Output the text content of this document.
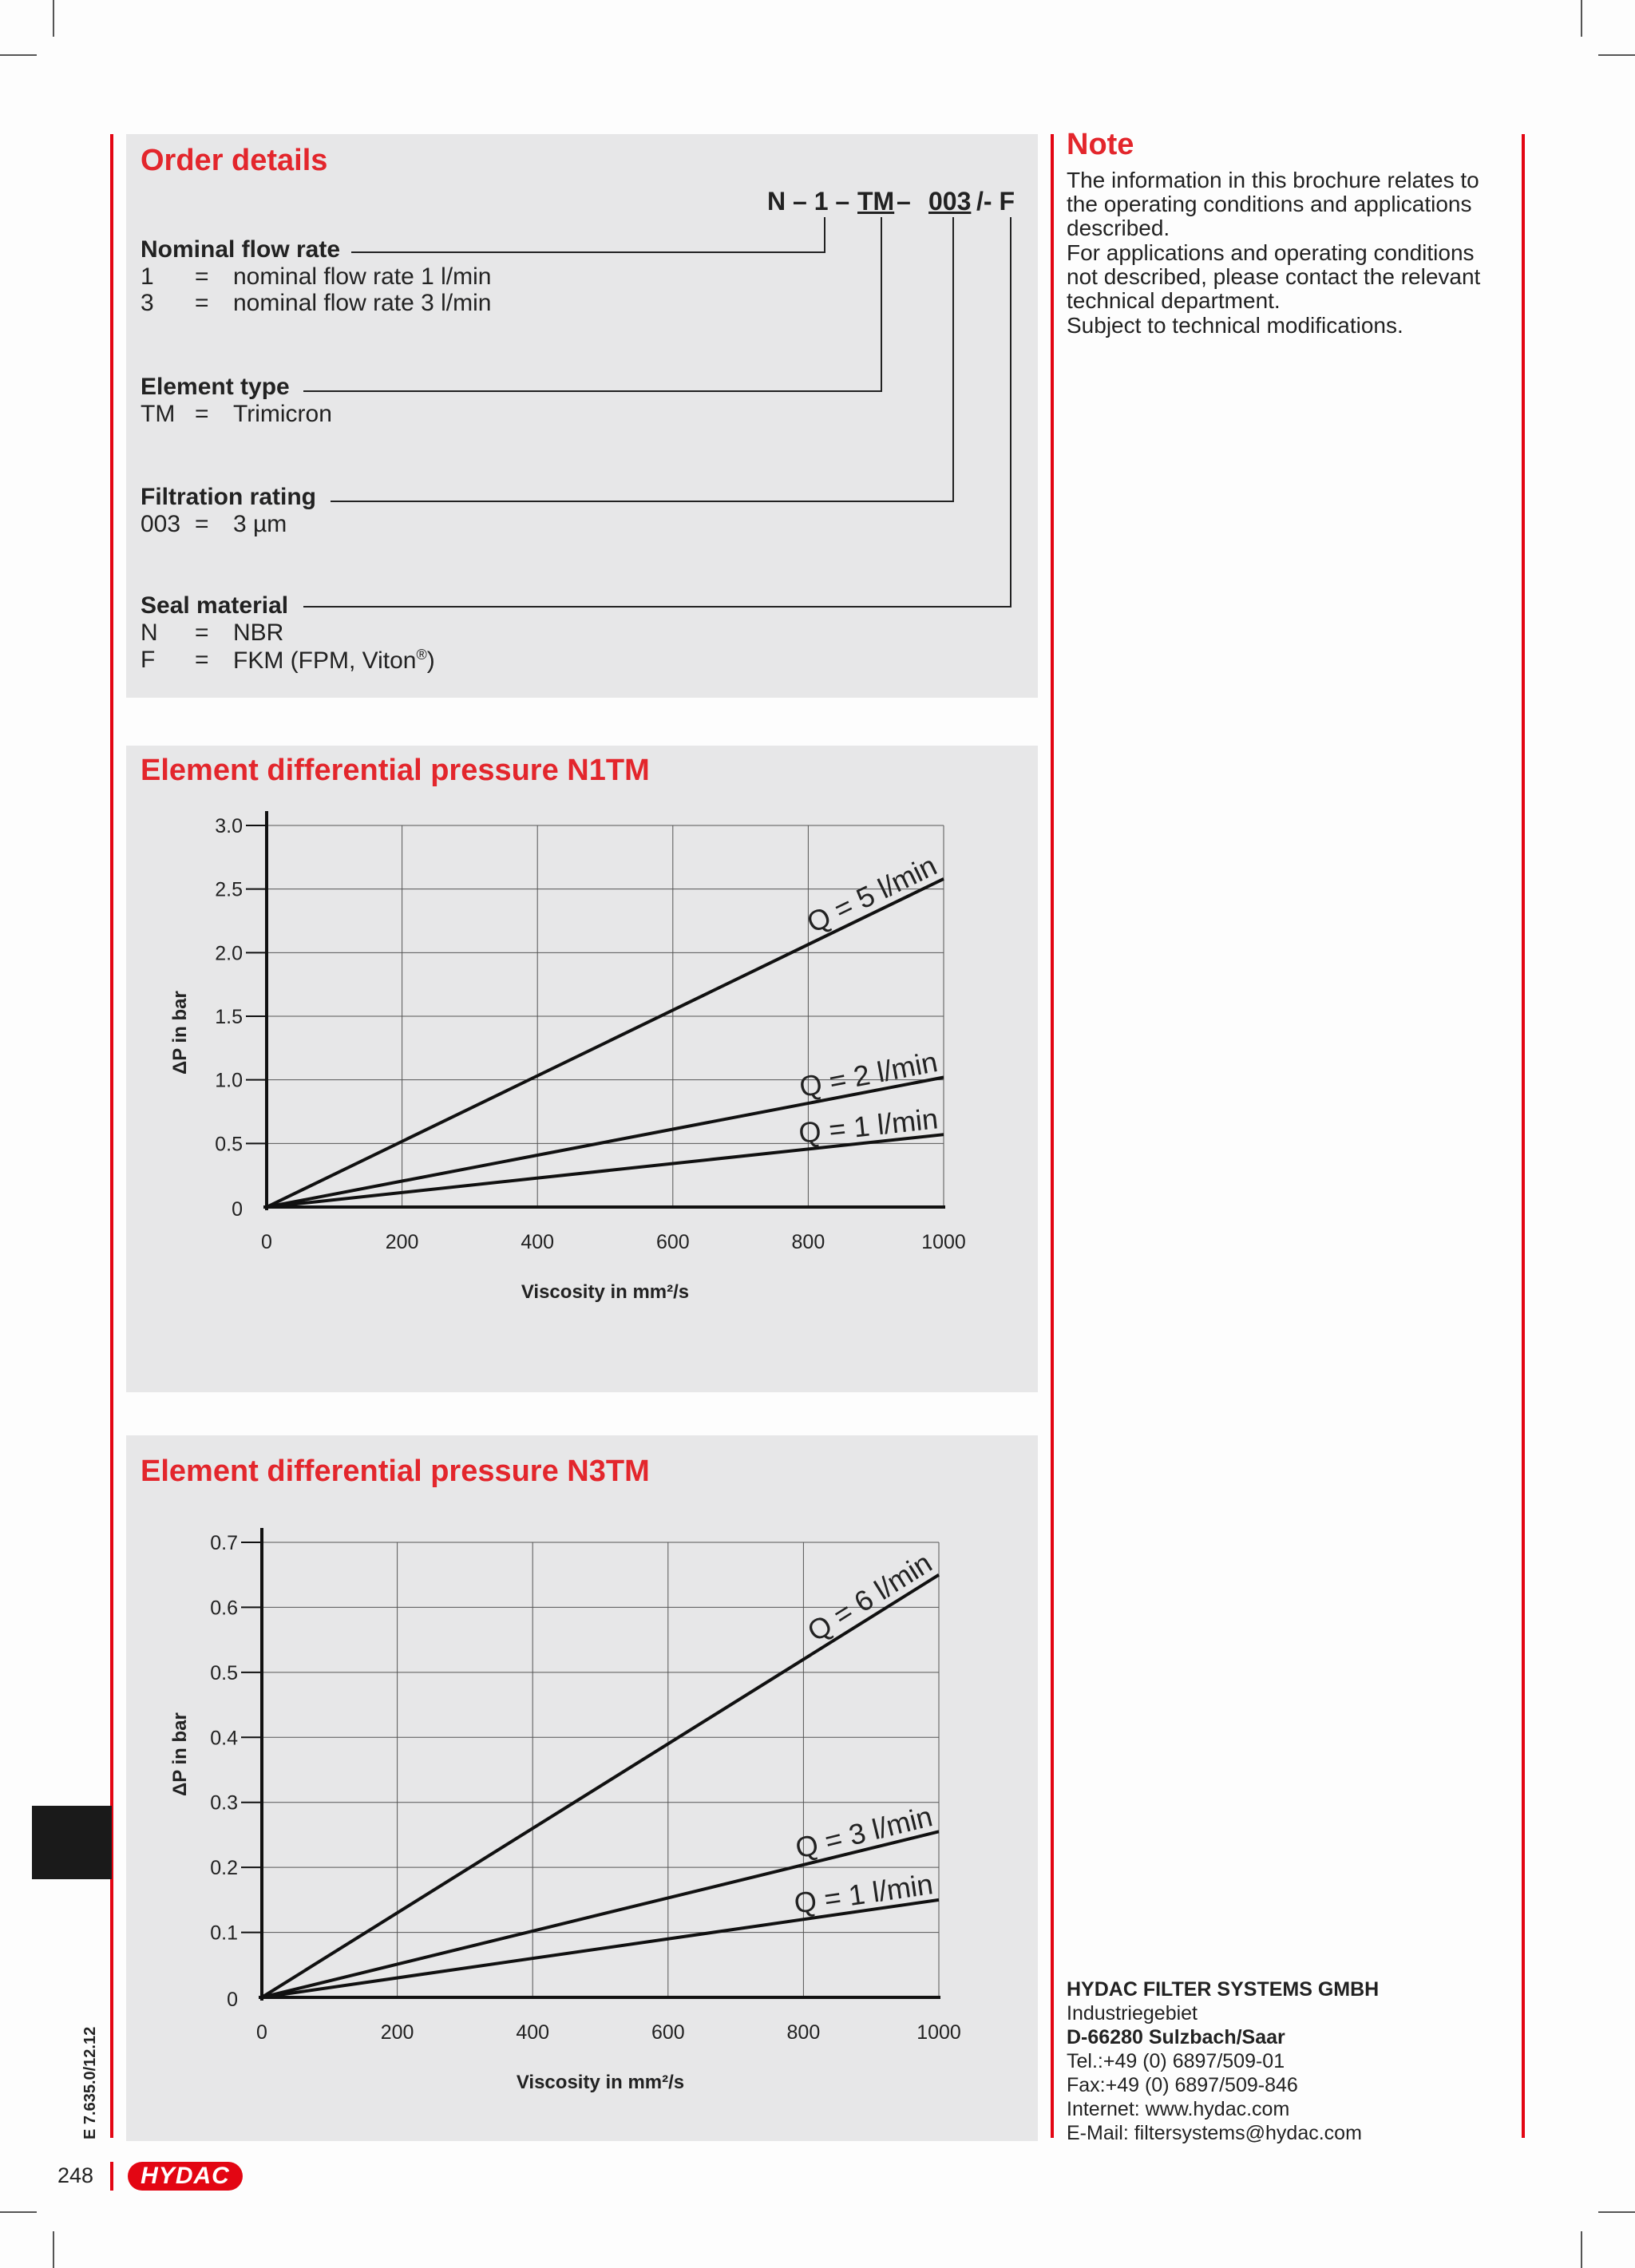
Order details
N – 1 – TM – 003 /- F
Nominal flow rate
1 = nominal flow rate 1 l/min
3 = nominal flow rate 3 l/min
Element type
TM = Trimicron
Filtration rating
003 = 3 µm
Seal material
N = NBR
F = FKM (FPM, Viton®)
Element differential pressure N1TM
0
0.5
1.0
1.5
2.0
2.5
3.0
0	200	400	600	800	1000
Viscosity in mm²/s
Q = 5 l/min
Q = 2 l/min
Q = 1 l/min
ΔP in bar
Element differential pressure N3TM
0
0.1
0.2
0.3
0.4
0.5
0.6
0.7
0	200	400	600	800	1000
Viscosity in mm²/s
Q = 6 l/min
Q = 3 l/min
Q = 1 l/min
ΔP in bar
Note
The information in this brochure relates to
the operating conditions and applications
described.
For applications and operating conditions
not described, please contact the relevant
technical department.
Subject to technical modifications.
HYDAC FILTER SYSTEMS GMBH
Industriegebiet
D-66280 Sulzbach/Saar
Tel.:+49 (0) 6897/509-01
Fax:+49 (0) 6897/509-846
Internet: www.hydac.com
E-Mail: filtersystems@hydac.com
E 7.635.0/12.12
248	HYDAC
